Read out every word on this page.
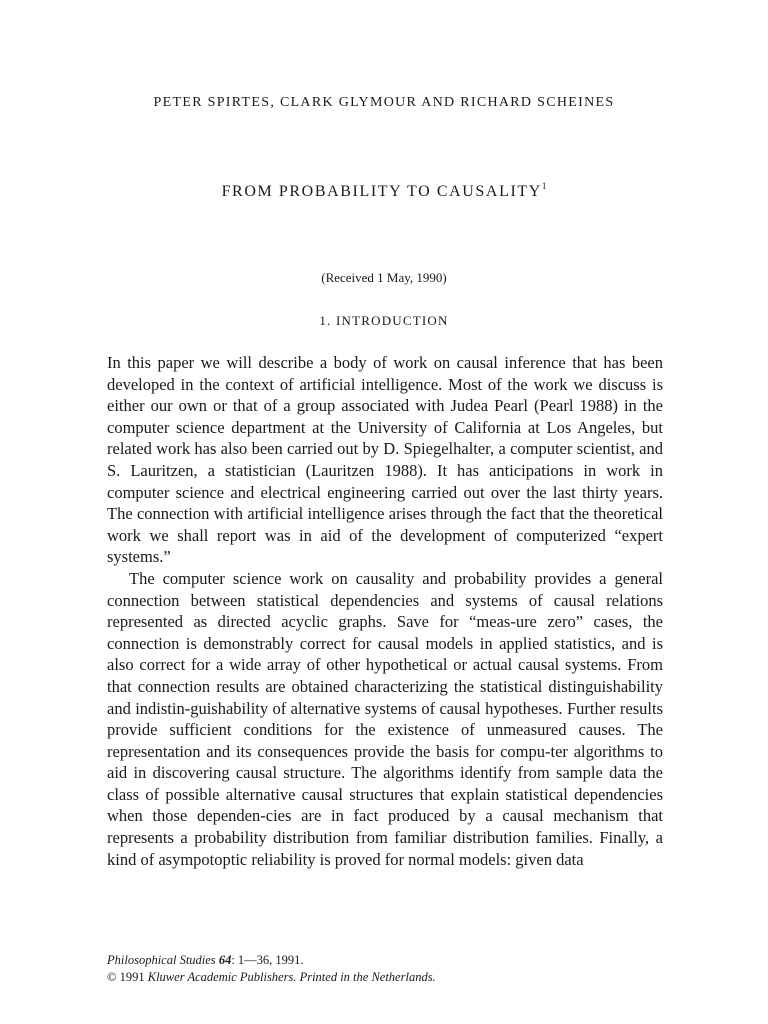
PETER SPIRTES, CLARK GLYMOUR AND RICHARD SCHEINES

FROM PROBABILITY TO CAUSALITY$^1$

(Received 1 May, 1990)

1. INTRODUCTION

In this paper we will describe a body of work on causal inference that has been developed in the context of artificial intelligence. Most of the work we discuss is either our own or that of a group associated with Judea Pearl (Pearl 1988) in the computer science department at the University of California at Los Angeles, but related work has also been carried out by D. Spiegelhalter, a computer scientist, and S. Lauritzen, a statistician (Lauritzen 1988). It has anticipations in work in computer science and electrical engineering carried out over the last thirty years. The connection with artificial intelligence arises through the fact that the theoretical work we shall report was in aid of the development of computerized “expert systems.”

The computer science work on causality and probability provides a general connection between statistical dependencies and systems of causal relations represented as directed acyclic graphs. Save for “meas-ure zero” cases, the connection is demonstrably correct for causal models in applied statistics, and is also correct for a wide array of other hypothetical or actual causal systems. From that connection results are obtained characterizing the statistical distinguishability and indistin-guishability of alternative systems of causal hypotheses. Further results provide sufficient conditions for the existence of unmeasured causes. The representation and its consequences provide the basis for compu-ter algorithms to aid in discovering causal structure. The algorithms identify from sample data the class of possible alternative causal structures that explain statistical dependencies when those dependen-cies are in fact produced by a causal mechanism that represents a probability distribution from familiar distribution families. Finally, a kind of asympotoptic reliability is proved for normal models: given data

Philosophical Studies 64: 1—36, 1991.

© 1991 Kluwer Academic Publishers. Printed in the Netherlands.
